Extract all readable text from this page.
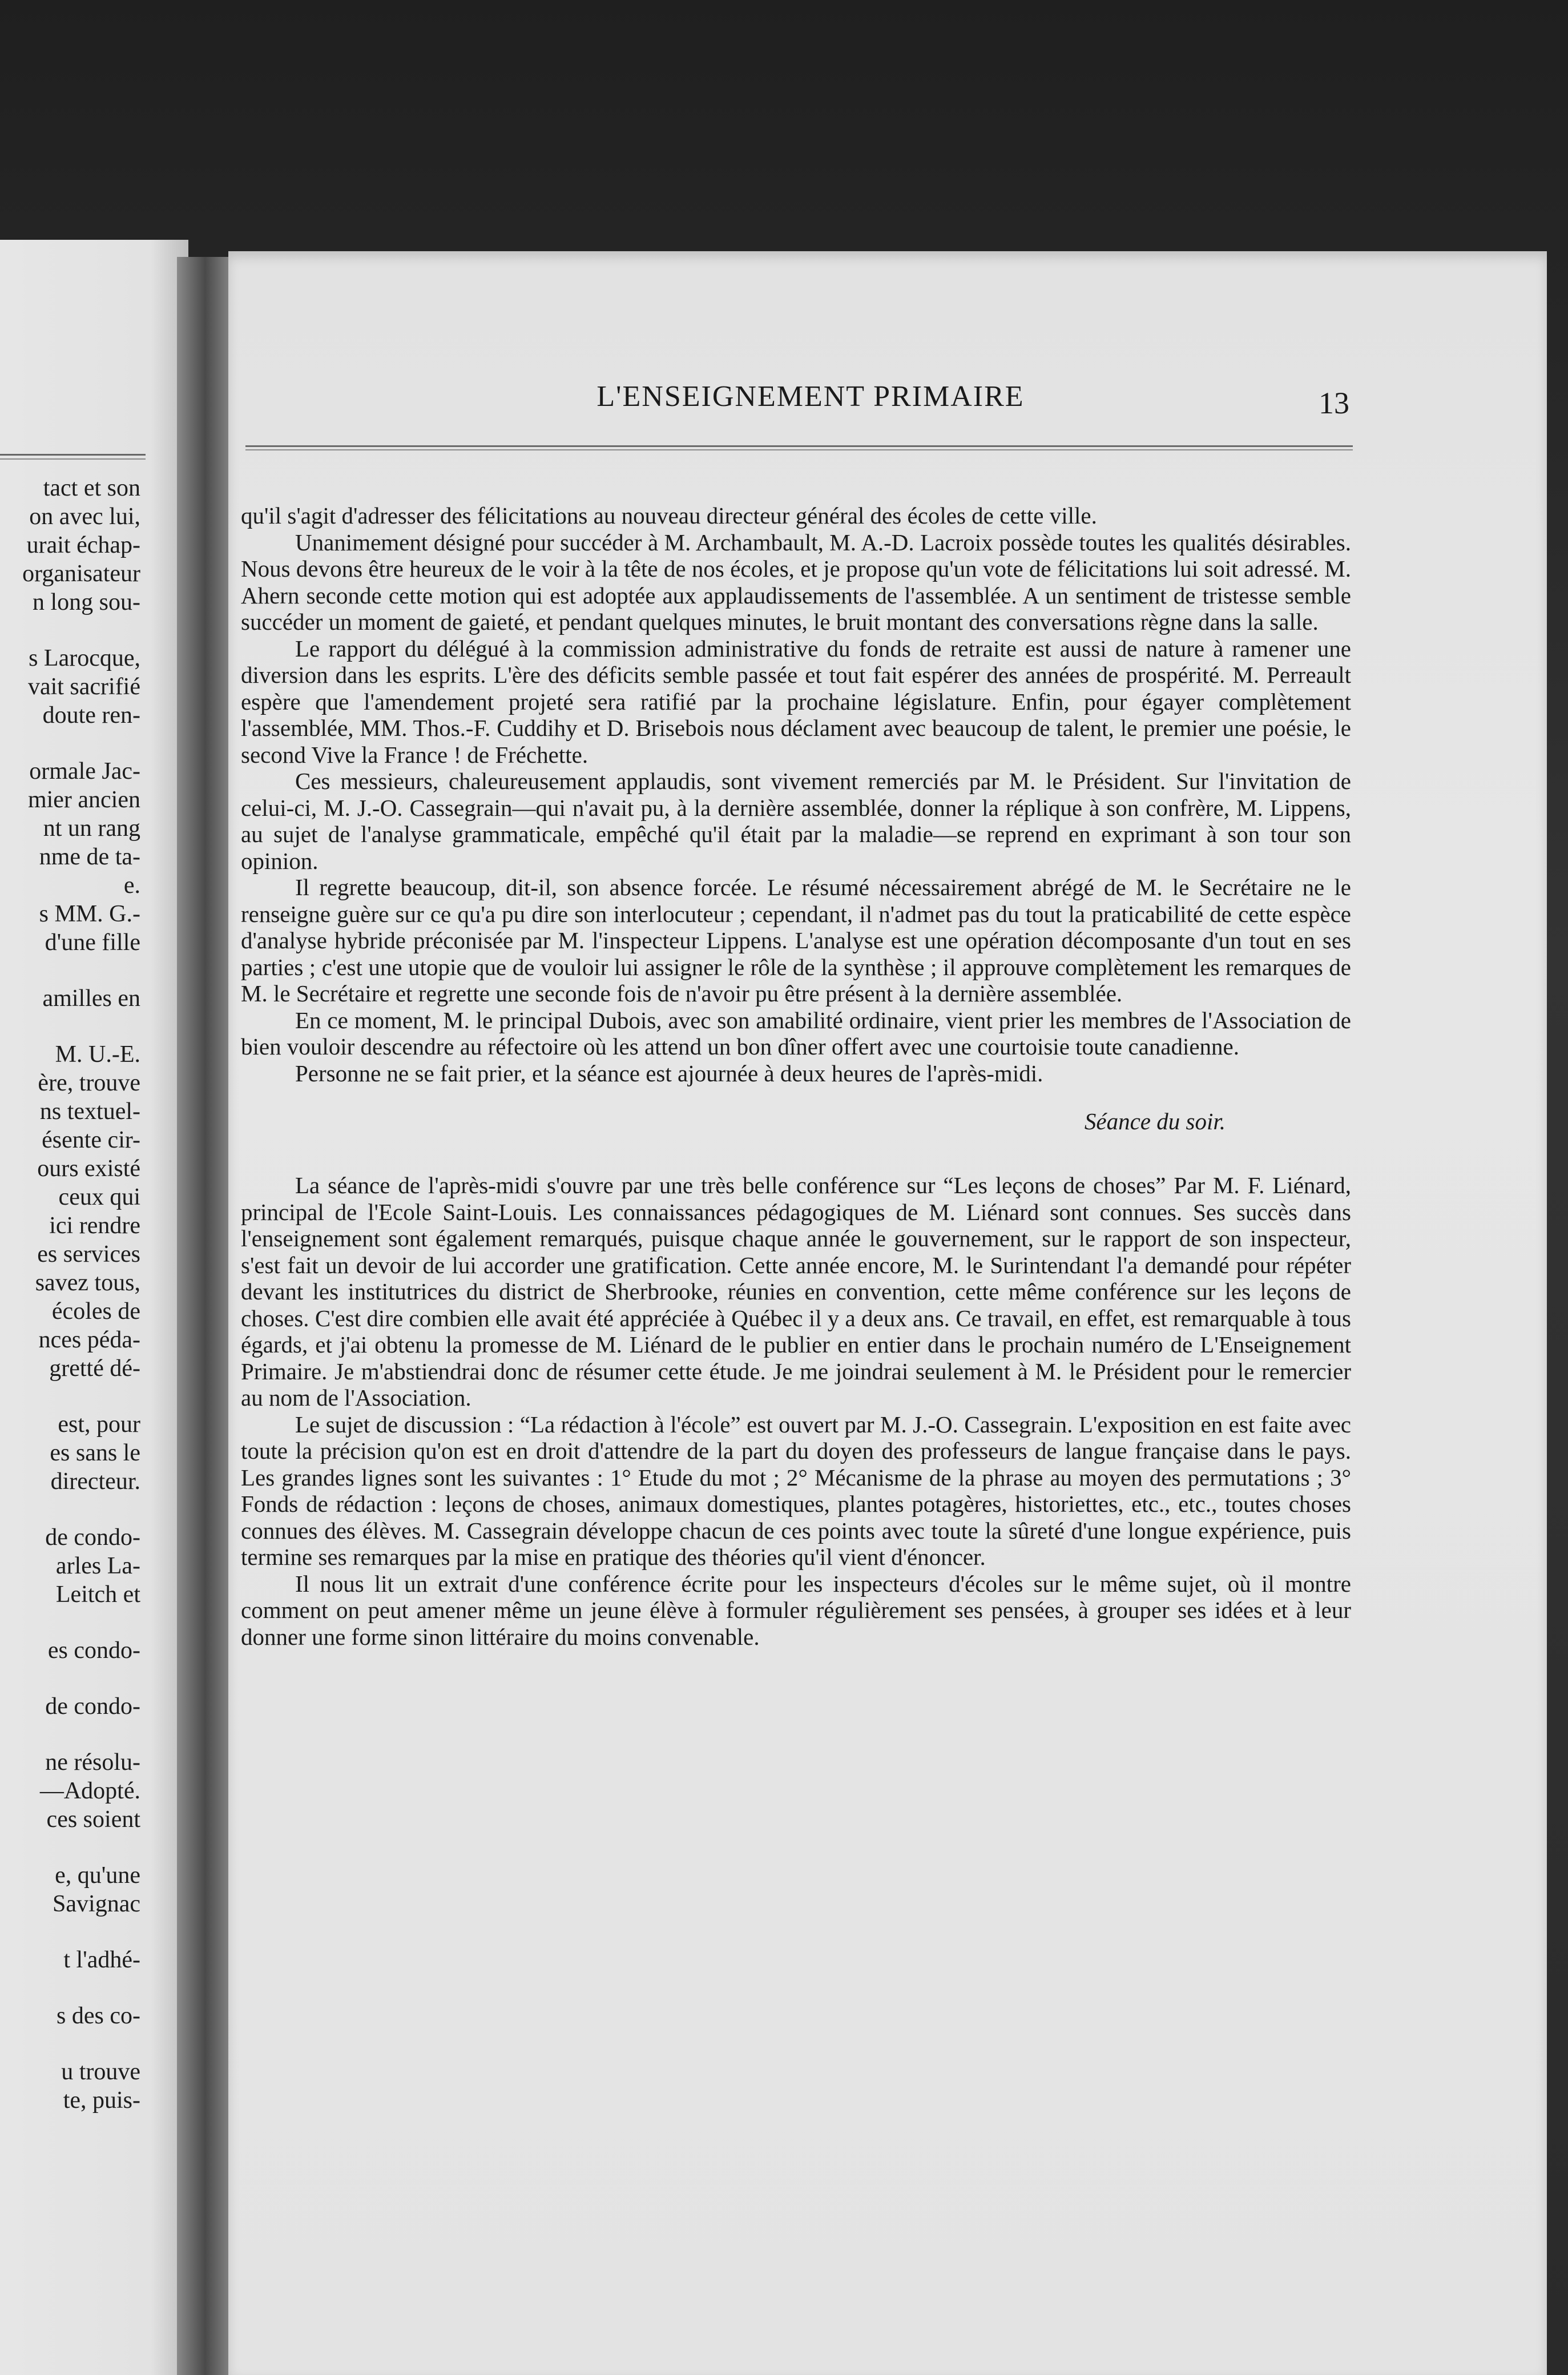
tact et son
on avec lui,
urait échap-
organisateur
n long sou-
s Larocque,
vait sacrifié
doute ren-
ormale Jac-
mier ancien
nt un rang
nme de ta-
e.
s MM. G.-
d'une fille
amilles en
M. U.-E.
ère, trouve
ns textuel-
ésente cir-
ours existé
ceux qui
ici rendre
es services
savez tous,
écoles de
nces péda-
gretté dé-
est, pour
es sans le
directeur.
de condo-
arles La-
Leitch et
es condo-
de condo-
ne résolu-
—Adopté.
ces soient
e, qu'une
Savignac
t l'adhé-
s des co-
u trouve
te, puis-
L'ENSEIGNEMENT PRIMAIRE	13

qu'il s'agit d'adresser des félicitations au nouveau directeur général des écoles de cette ville.

Unanimement désigné pour succéder à M. Archambault, M. A.-D. Lacroix possède toutes les qualités désirables. Nous devons être heureux de le voir à la tête de nos écoles, et je propose qu'un vote de félicitations lui soit adressé. M. Ahern seconde cette motion qui est adoptée aux applaudissements de l'assemblée. A un sentiment de tristesse semble succéder un moment de gaieté, et pendant quelques minutes, le bruit montant des conversations règne dans la salle.

Le rapport du délégué à la commission administrative du fonds de retraite est aussi de nature à ramener une diversion dans les esprits. L'ère des déficits semble passée et tout fait espérer des années de prospérité. M. Perreault espère que l'amendement projeté sera ratifié par la prochaine législature. Enfin, pour égayer complètement l'assemblée, MM. Thos.-F. Cuddihy et D. Brisebois nous déclament avec beaucoup de talent, le premier une poésie, le second Vive la France ! de Fréchette.

Ces messieurs, chaleureusement applaudis, sont vivement remerciés par M. le Président. Sur l'invitation de celui-ci, M. J.-O. Cassegrain—qui n'avait pu, à la dernière assemblée, donner la réplique à son confrère, M. Lippens, au sujet de l'analyse grammaticale, empêché qu'il était par la maladie—se reprend en exprimant à son tour son opinion.

Il regrette beaucoup, dit-il, son absence forcée. Le résumé nécessairement abrégé de M. le Secrétaire ne le renseigne guère sur ce qu'a pu dire son interlocuteur ; cependant, il n'admet pas du tout la praticabilité de cette espèce d'analyse hybride préconisée par M. l'inspecteur Lippens. L'analyse est une opération décomposante d'un tout en ses parties ; c'est une utopie que de vouloir lui assigner le rôle de la synthèse ; il approuve complètement les remarques de M. le Secrétaire et regrette une seconde fois de n'avoir pu être présent à la dernière assemblée.

En ce moment, M. le principal Dubois, avec son amabilité ordinaire, vient prier les membres de l'Association de bien vouloir descendre au réfectoire où les attend un bon dîner offert avec une courtoisie toute canadienne.

Personne ne se fait prier, et la séance est ajournée à deux heures de l'après-midi.

Séance du soir.

La séance de l'après-midi s'ouvre par une très belle conférence sur “Les leçons de choses” Par M. F. Liénard, principal de l'Ecole Saint-Louis. Les connaissances pédagogiques de M. Liénard sont connues. Ses succès dans l'enseignement sont également remarqués, puisque chaque année le gouvernement, sur le rapport de son inspecteur, s'est fait un devoir de lui accorder une gratification. Cette année encore, M. le Surintendant l'a demandé pour répéter devant les institutrices du district de Sherbrooke, réunies en convention, cette même conférence sur les leçons de choses. C'est dire combien elle avait été appréciée à Québec il y a deux ans. Ce travail, en effet, est remarquable à tous égards, et j'ai obtenu la promesse de M. Liénard de le publier en entier dans le prochain numéro de L'Enseignement Primaire. Je m'abstiendrai donc de résumer cette étude. Je me joindrai seulement à M. le Président pour le remercier au nom de l'Association.

Le sujet de discussion : “La rédaction à l'école” est ouvert par M. J.-O. Cassegrain. L'exposition en est faite avec toute la précision qu'on est en droit d'attendre de la part du doyen des professeurs de langue française dans le pays. Les grandes lignes sont les suivantes : 1° Etude du mot ; 2° Mécanisme de la phrase au moyen des permutations ; 3° Fonds de rédaction : leçons de choses, animaux domestiques, plantes potagères, historiettes, etc., etc., toutes choses connues des élèves. M. Cassegrain développe chacun de ces points avec toute la sûreté d'une longue expérience, puis termine ses remarques par la mise en pratique des théories qu'il vient d'énoncer.

Il nous lit un extrait d'une conférence écrite pour les inspecteurs d'écoles sur le même sujet, où il montre comment on peut amener même un jeune élève à formuler régulièrement ses pensées, à grouper ses idées et à leur donner une forme sinon littéraire du moins convenable.
